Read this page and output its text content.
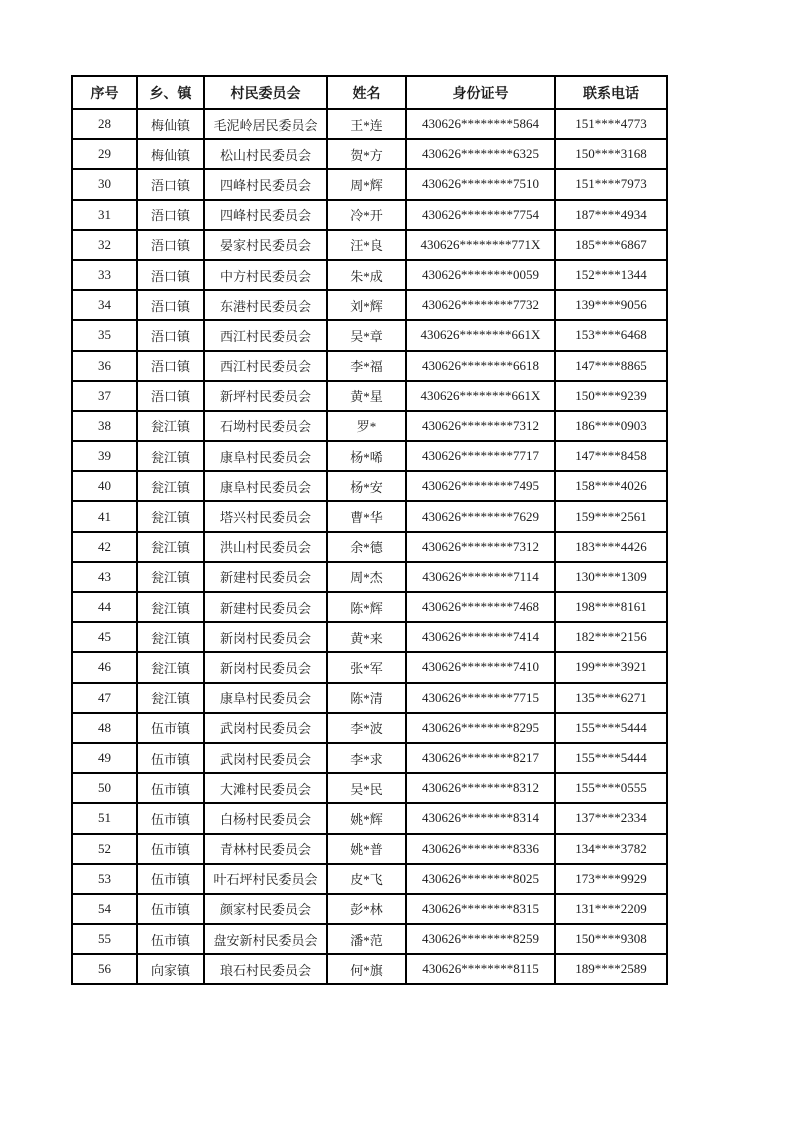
序号	乡、镇	村民委员会	姓名	身份证号	联系电话
28	梅仙镇	毛泥岭居民委员会	王*连	430626********5864	151****4773
29	梅仙镇	松山村民委员会	贺*方	430626********6325	150****3168
30	浯口镇	四峰村民委员会	周*辉	430626********7510	151****7973
31	浯口镇	四峰村民委员会	冷*开	430626********7754	187****4934
32	浯口镇	晏家村民委员会	汪*良	430626********771X	185****6867
33	浯口镇	中方村民委员会	朱*成	430626********0059	152****1344
34	浯口镇	东港村民委员会	刘*辉	430626********7732	139****9056
35	浯口镇	西江村民委员会	吴*章	430626********661X	153****6468
36	浯口镇	西江村民委员会	李*福	430626********6618	147****8865
37	浯口镇	新坪村民委员会	黄*星	430626********661X	150****9239
38	瓮江镇	石坳村民委员会	罗*	430626********7312	186****0903
39	瓮江镇	康阜村民委员会	杨*唏	430626********7717	147****8458
40	瓮江镇	康阜村民委员会	杨*安	430626********7495	158****4026
41	瓮江镇	塔兴村民委员会	曹*华	430626********7629	159****2561
42	瓮江镇	洪山村民委员会	余*德	430626********7312	183****4426
43	瓮江镇	新建村民委员会	周*杰	430626********7114	130****1309
44	瓮江镇	新建村民委员会	陈*辉	430626********7468	198****8161
45	瓮江镇	新岗村民委员会	黄*来	430626********7414	182****2156
46	瓮江镇	新岗村民委员会	张*军	430626********7410	199****3921
47	瓮江镇	康阜村民委员会	陈*清	430626********7715	135****6271
48	伍市镇	武岗村民委员会	李*波	430626********8295	155****5444
49	伍市镇	武岗村民委员会	李*求	430626********8217	155****5444
50	伍市镇	大滩村民委员会	吴*民	430626********8312	155****0555
51	伍市镇	白杨村民委员会	姚*辉	430626********8314	137****2334
52	伍市镇	青林村民委员会	姚*普	430626********8336	134****3782
53	伍市镇	叶石坪村民委员会	皮*飞	430626********8025	173****9929
54	伍市镇	颜家村民委员会	彭*林	430626********8315	131****2209
55	伍市镇	盘安新村民委员会	潘*范	430626********8259	150****9308
56	向家镇	琅石村民委员会	何*旗	430626********8115	189****2589
